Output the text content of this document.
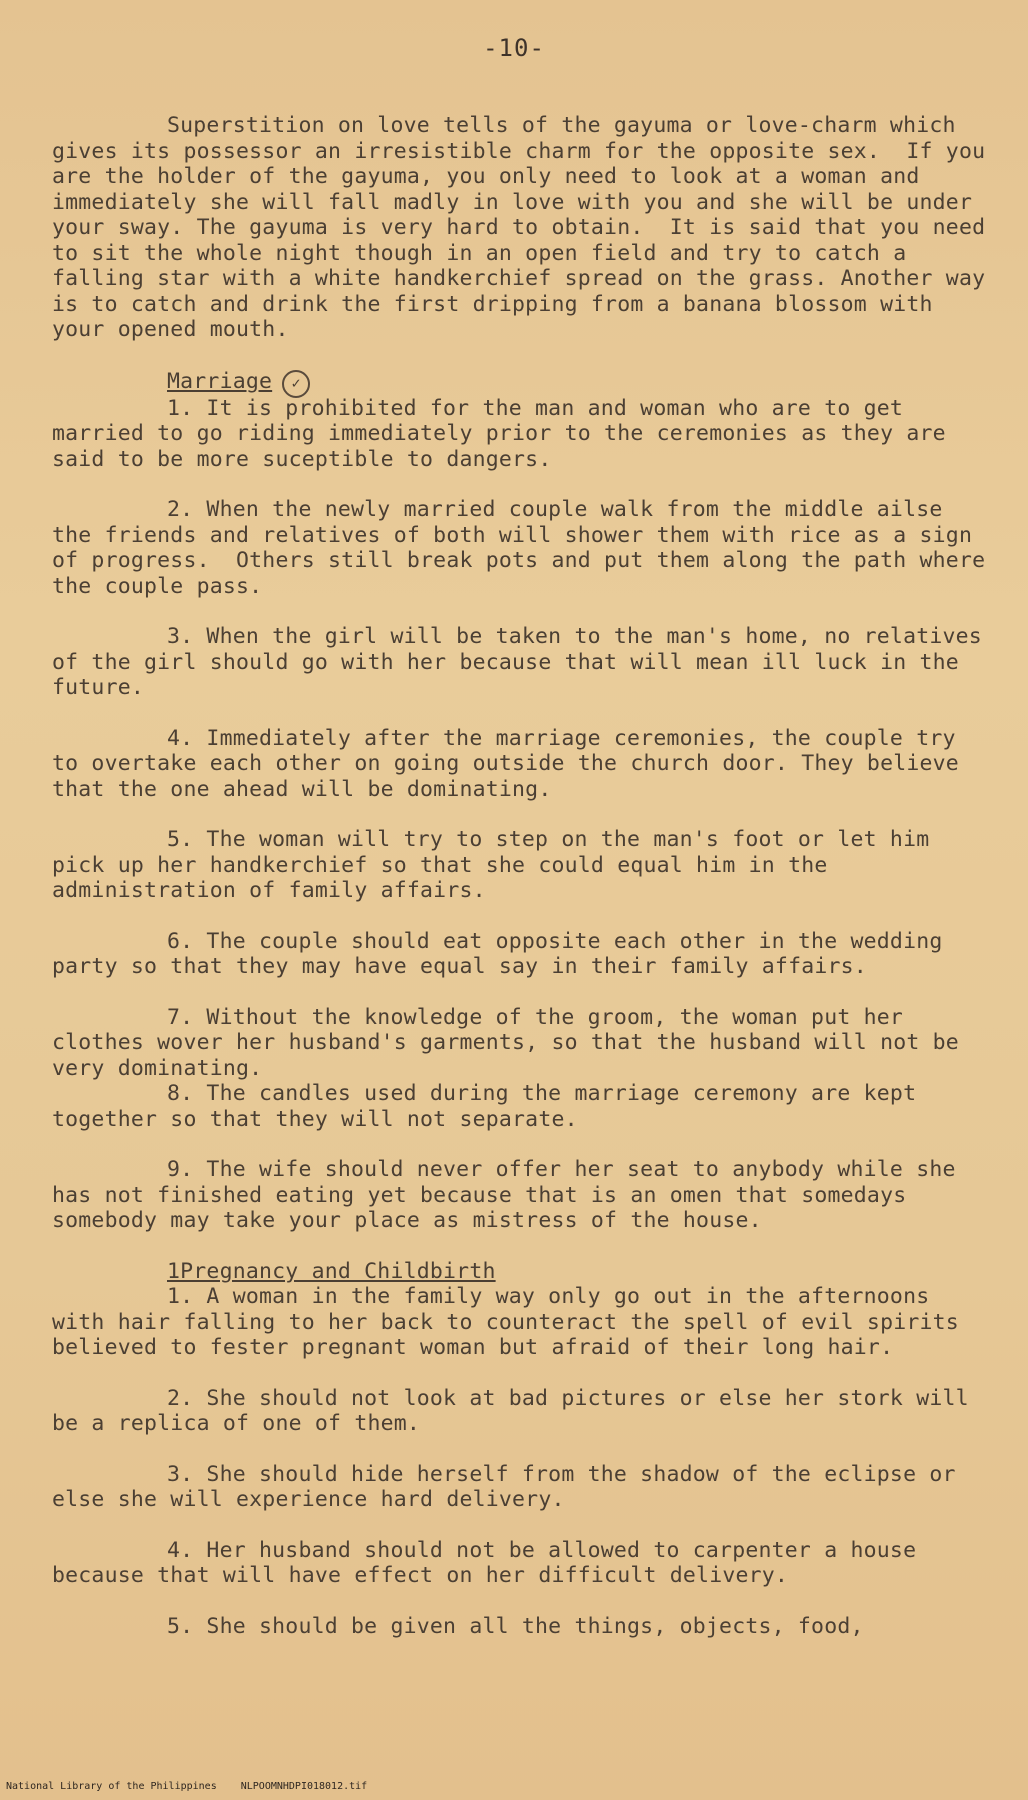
-10-

Superstition on love tells of the gayuma or love-charm which gives its possessor an irresistible charm for the opposite sex.  If you are the holder of the gayuma, you only need to look at a woman and immediately she will fall madly in love with you and she will be under your sway. The gayuma is very hard to obtain.  It is said that you need to sit the whole night though in an open field and try to catch a falling star with a white handkerchief spread on the grass. Another way is to catch and drink the first dripping from a banana blossom with your opened mouth.

Marriage	✓

1. It is prohibited for the man and woman who are to get married to go riding immediately prior to the ceremonies as they are said to be more suceptible to dangers.

2. When the newly married couple walk from the middle ailse the friends and relatives of both will shower them with rice as a sign of progress.  Others still break pots and put them along the path where the couple pass.

3. When the girl will be taken to the man's home, no relatives of the girl should go with her because that will mean ill luck in the future.

4. Immediately after the marriage ceremonies, the couple try to overtake each other on going outside the church door. They believe that the one ahead will be dominating.

5. The woman will try to step on the man's foot or let him pick up her handkerchief so that she could equal him in the administration of family affairs.

6. The couple should eat opposite each other in the wedding party so that they may have equal say in their family affairs.

7. Without the knowledge of the groom, the woman put her clothes wover her husband's garments, so that the husband will not be very dominating.

8. The candles used during the marriage ceremony are kept together so that they will not separate.

9. The wife should never offer her seat to anybody while she has not finished eating yet because that is an omen that somedays somebody may take your place as mistress of the house.

1Pregnancy and Childbirth

1. A woman in the family way only go out in the afternoons with hair falling to her back to counteract the spell of evil spirits believed to fester pregnant woman but afraid of their long hair.

2. She should not look at bad pictures or else her stork will be a replica of one of them.

3. She should hide herself from the shadow of the eclipse or else she will experience hard delivery.

4. Her husband should not be allowed to carpenter a house because that will have effect on her difficult delivery.

5. She should be given all the things, objects, food,

National Library of the Philippines NLPOOMNHDPI018012.tif
